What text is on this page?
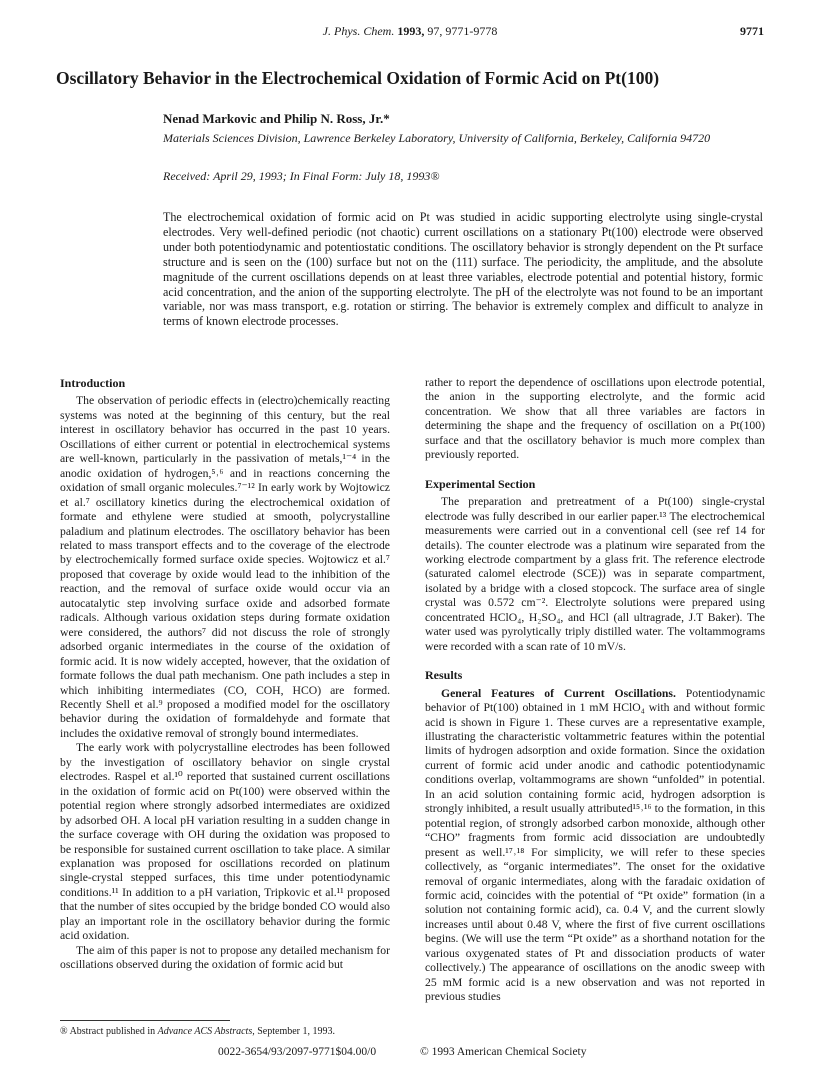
J. Phys. Chem. 1993, 97, 9771-9778	9771
Oscillatory Behavior in the Electrochemical Oxidation of Formic Acid on Pt(100)
Nenad Markovic and Philip N. Ross, Jr.*
Materials Sciences Division, Lawrence Berkeley Laboratory, University of California, Berkeley, California 94720
Received: April 29, 1993; In Final Form: July 18, 1993®
The electrochemical oxidation of formic acid on Pt was studied in acidic supporting electrolyte using single-crystal electrodes. Very well-defined periodic (not chaotic) current oscillations on a stationary Pt(100) electrode were observed under both potentiodynamic and potentiostatic conditions. The oscillatory behavior is strongly dependent on the Pt surface structure and is seen on the (100) surface but not on the (111) surface. The periodicity, the amplitude, and the absolute magnitude of the current oscillations depends on at least three variables, electrode potential and potential history, formic acid concentration, and the anion of the supporting electrolyte. The pH of the electrolyte was not found to be an important variable, nor was mass transport, e.g. rotation or stirring. The behavior is extremely complex and difficult to analyze in terms of known electrode processes.
Introduction

The observation of periodic effects in (electro)chemically reacting systems was noted at the beginning of this century, but the real interest in oscillatory behavior has occurred in the past 10 years. Oscillations of either current or potential in electrochemical systems are well-known, particularly in the passivation of metals,¹⁻⁴ in the anodic oxidation of hydrogen,⁵˒⁶ and in reactions concerning the oxidation of small organic molecules.⁷⁻¹² In early work by Wojtowicz et al.⁷ oscillatory kinetics during the electrochemical oxidation of formate and ethylene were studied at smooth, polycrystalline paladium and platinum electrodes. The oscillatory behavior has been related to mass transport effects and to the coverage of the electrode by electrochemically formed surface oxide species. Wojtowicz et al.⁷ proposed that coverage by oxide would lead to the inhibition of the reaction, and the removal of surface oxide would occur via an autocatalytic step involving surface oxide and adsorbed formate radicals. Although various oxidation steps during formate oxidation were considered, the authors⁷ did not discuss the role of strongly adsorbed organic intermediates in the course of the oxidation of formic acid. It is now widely accepted, however, that the oxidation of formate follows the dual path mechanism. One path includes a step in which inhibiting intermediates (CO, COH, HCO) are formed. Recently Shell et al.⁹ proposed a modified model for the oscillatory behavior during the oxidation of formaldehyde and formate that includes the oxidative removal of strongly bound intermediates.

The early work with polycrystalline electrodes has been followed by the investigation of oscillatory behavior on single crystal electrodes. Raspel et al.¹⁰ reported that sustained current oscillations in the oxidation of formic acid on Pt(100) were observed within the potential region where strongly adsorbed intermediates are oxidized by adsorbed OH. A local pH variation resulting in a sudden change in the surface coverage with OH during the oxidation was proposed to be responsible for sustained current oscillation to take place. A similar explanation was proposed for oscillations recorded on platinum single-crystal stepped surfaces, this time under potentiodynamic conditions.¹¹ In addition to a pH variation, Tripkovic et al.¹¹ proposed that the number of sites occupied by the bridge bonded CO would also play an important role in the oscillatory behavior during the formic acid oxidation.

The aim of this paper is not to propose any detailed mechanism for oscillations observed during the oxidation of formic acid but

rather to report the dependence of oscillations upon electrode potential, the anion in the supporting electrolyte, and the formic acid concentration. We show that all three variables are factors in determining the shape and the frequency of oscillation on a Pt(100) surface and that the oscillatory behavior is much more complex than previously reported.

Experimental Section

The preparation and pretreatment of a Pt(100) single-crystal electrode was fully described in our earlier paper.¹³ The electrochemical measurements were carried out in a conventional cell (see ref 14 for details). The counter electrode was a platinum wire separated from the working electrode compartment by a glass frit. The reference electrode (saturated calomel electrode (SCE)) was in separate compartment, isolated by a bridge with a closed stopcock. The surface area of single crystal was 0.572 cm⁻². Electrolyte solutions were prepared using concentrated HClO₄, H₂SO₄, and HCl (all ultragrade, J.T Baker). The water used was pyrolytically triply distilled water. The voltammograms were recorded with a scan rate of 10 mV/s.

Results

General Features of Current Oscillations. Potentiodynamic behavior of Pt(100) obtained in 1 mM HClO₄ with and without formic acid is shown in Figure 1. These curves are a representative example, illustrating the characteristic voltammetric features within the potential limits of hydrogen adsorption and oxide formation. Since the oxidation current of formic acid under anodic and cathodic potentiodynamic conditions overlap, voltammograms are shown “unfolded” in potential. In an acid solution containing formic acid, hydrogen adsorption is strongly inhibited, a result usually attributed¹⁵˒¹⁶ to the formation, in this potential region, of strongly adsorbed carbon monoxide, although other “CHO” fragments from formic acid dissociation are undoubtedly present as well.¹⁷˒¹⁸ For simplicity, we will refer to these species collectively, as “organic intermediates”. The onset for the oxidative removal of organic intermediates, along with the faradaic oxidation of formic acid, coincides with the potential of “Pt oxide” formation (in a solution not containing formic acid), ca. 0.4 V, and the current slowly increases until about 0.48 V, where the first of five current oscillations begins. (We will use the term “Pt oxide” as a shorthand notation for the various oxygenated states of Pt and dissociation products of water collectively.) The appearance of oscillations on the anodic sweep with 25 mM formic acid is a new observation and was not reported in previous studies

® Abstract published in Advance ACS Abstracts, September 1, 1993.
0022-3654/93/2097-9771$04.00/0	© 1993 American Chemical Society
